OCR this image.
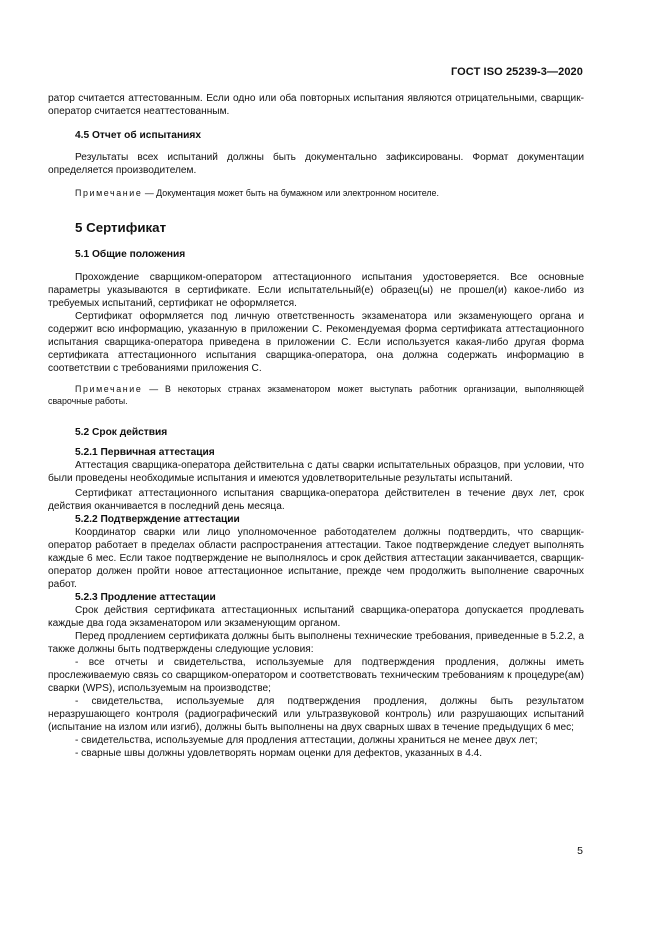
ГОСТ ISO 25239-3—2020

ратор считается аттестованным. Если одно или оба повторных испытания являются отрицательными, сварщик-оператор считается неаттестованным.

4.5 Отчет об испытаниях

Результаты всех испытаний должны быть документально зафиксированы. Формат документации определяется производителем.

Примечание — Документация может быть на бумажном или электронном носителе.

5 Сертификат
5.1 Общие положения

Прохождение сварщиком-оператором аттестационного испытания удостоверяется. Все основные параметры указываются в сертификате. Если испытательный(е) образец(ы) не прошел(и) какое-либо из требуемых испытаний, сертификат не оформляется.

Сертификат оформляется под личную ответственность экзаменатора или экзаменующего органа и содержит всю информацию, указанную в приложении С. Рекомендуемая форма сертификата аттестационного испытания сварщика-оператора приведена в приложении С. Если используется какая-либо другая форма сертификата аттестационного испытания сварщика-оператора, она должна содержать информацию в соответствии с требованиями приложения С.

Примечание — В некоторых странах экзаменатором может выступать работник организации, выполняющей сварочные работы.

5.2 Срок действия
5.2.1 Первичная аттестация

Аттестация сварщика-оператора действительна с даты сварки испытательных образцов, при условии, что были проведены необходимые испытания и имеются удовлетворительные результаты испытаний.

Сертификат аттестационного испытания сварщика-оператора действителен в течение двух лет, срок действия оканчивается в последний день месяца.

5.2.2 Подтверждение аттестации

Координатор сварки или лицо уполномоченное работодателем должны подтвердить, что сварщик-оператор работает в пределах области распространения аттестации. Такое подтверждение следует выполнять каждые 6 мес. Если такое подтверждение не выполнялось и срок действия аттестации заканчивается, сварщик-оператор должен пройти новое аттестационное испытание, прежде чем продолжить выполнение сварочных работ.

5.2.3 Продление аттестации

Срок действия сертификата аттестационных испытаний сварщика-оператора допускается продлевать каждые два года экзаменатором или экзаменующим органом.

Перед продлением сертификата должны быть выполнены технические требования, приведенные в 5.2.2, а также должны быть подтверждены следующие условия:

- все отчеты и свидетельства, используемые для подтверждения продления, должны иметь прослеживаемую связь со сварщиком-оператором и соответствовать техническим требованиям к процедуре(ам) сварки (WPS), используемым на производстве;

- свидетельства, используемые для подтверждения продления, должны быть результатом неразрушающего контроля (радиографический или ультразвуковой контроль) или разрушающих испытаний (испытание на излом или изгиб), должны быть выполнены на двух сварных швах в течение предыдущих 6 мес;

- свидетельства, используемые для продления аттестации, должны храниться не менее двух лет;

- сварные швы должны удовлетворять нормам оценки для дефектов, указанных в 4.4.

5
